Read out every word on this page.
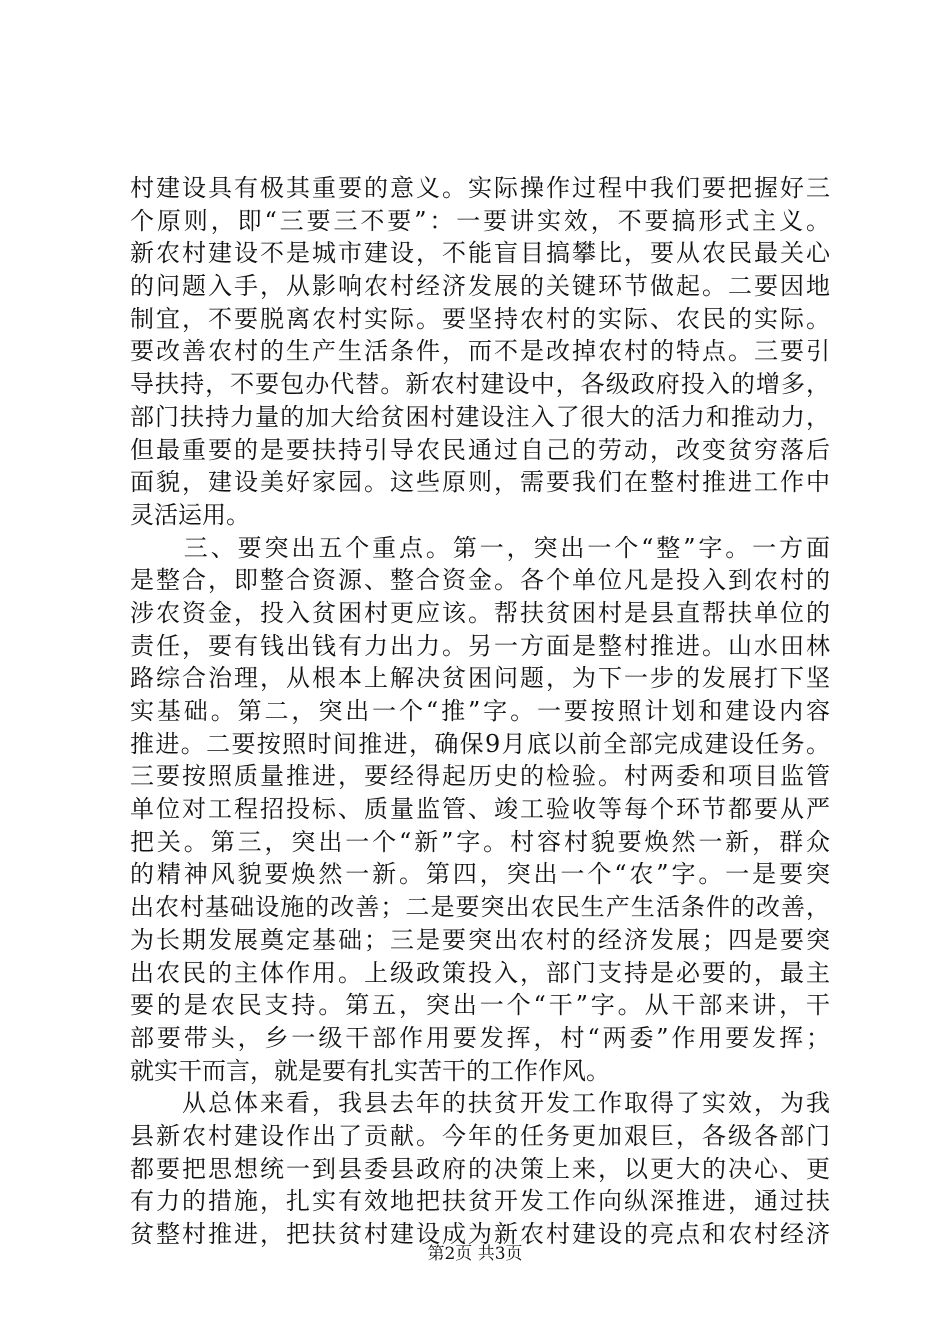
村建设具有极其重要的意义。实际操作过程中我们要把握好三
个原则，即“三要三不要”：一要讲实效，不要搞形式主义。
新农村建设不是城市建设，不能盲目搞攀比，要从农民最关心
的问题入手，从影响农村经济发展的关键环节做起。二要因地
制宜，不要脱离农村实际。要坚持农村的实际、农民的实际。
要改善农村的生产生活条件，而不是改掉农村的特点。三要引
导扶持，不要包办代替。新农村建设中，各级政府投入的增多，
部门扶持力量的加大给贫困村建设注入了很大的活力和推动力，
但最重要的是要扶持引导农民通过自己的劳动，改变贫穷落后
面貌，建设美好家园。这些原则，需要我们在整村推进工作中
灵活运用。
　　三、要突出五个重点。第一，突出一个“整”字。一方面
是整合，即整合资源、整合资金。各个单位凡是投入到农村的
涉农资金，投入贫困村更应该。帮扶贫困村是县直帮扶单位的
责任，要有钱出钱有力出力。另一方面是整村推进。山水田林
路综合治理，从根本上解决贫困问题，为下一步的发展打下坚
实基础。第二，突出一个“推”字。一要按照计划和建设内容
推进。二要按照时间推进，确保9月底以前全部完成建设任务。
三要按照质量推进，要经得起历史的检验。村两委和项目监管
单位对工程招投标、质量监管、竣工验收等每个环节都要从严
把关。第三，突出一个“新”字。村容村貌要焕然一新，群众
的精神风貌要焕然一新。第四，突出一个“农”字。一是要突
出农村基础设施的改善；二是要突出农民生产生活条件的改善，
为长期发展奠定基础；三是要突出农村的经济发展；四是要突
出农民的主体作用。上级政策投入，部门支持是必要的，最主
要的是农民支持。第五，突出一个“干”字。从干部来讲，干
部要带头，乡一级干部作用要发挥，村“两委”作用要发挥；
就实干而言，就是要有扎实苦干的工作作风。
　　从总体来看，我县去年的扶贫开发工作取得了实效，为我
县新农村建设作出了贡献。今年的任务更加艰巨，各级各部门
都要把思想统一到县委县政府的决策上来，以更大的决心、更
有力的措施，扎实有效地把扶贫开发工作向纵深推进，通过扶
贫整村推进，把扶贫村建设成为新农村建设的亮点和农村经济
第2页 共3页
